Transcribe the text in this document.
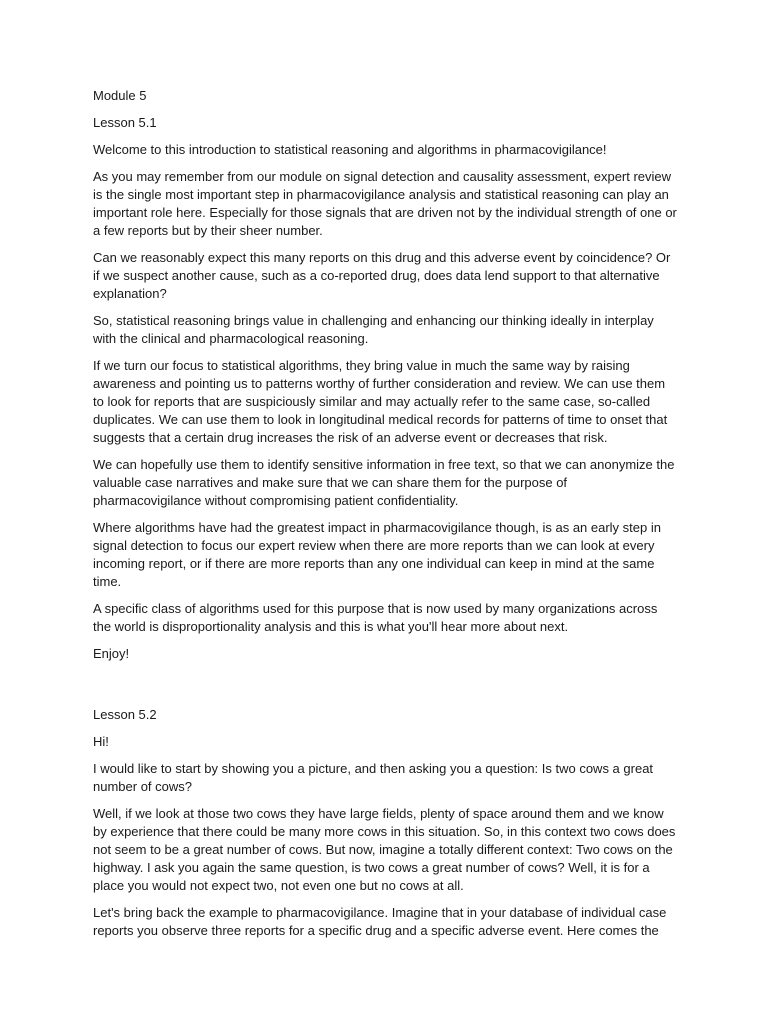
Module 5

Lesson 5.1

Welcome to this introduction to statistical reasoning and algorithms in pharmacovigilance!

As you may remember from our module on signal detection and causality assessment, expert review is the single most important step in pharmacovigilance analysis and statistical reasoning can play an important role here. Especially for those signals that are driven not by the individual strength of one or a few reports but by their sheer number.

Can we reasonably expect this many reports on this drug and this adverse event by coincidence? Or if we suspect another cause, such as a co-reported drug, does data lend support to that alternative explanation?

So, statistical reasoning brings value in challenging and enhancing our thinking ideally in interplay with the clinical and pharmacological reasoning.

If we turn our focus to statistical algorithms, they bring value in much the same way by raising awareness and pointing us to patterns worthy of further consideration and review. We can use them to look for reports that are suspiciously similar and may actually refer to the same case, so-called duplicates. We can use them to look in longitudinal medical records for patterns of time to onset that suggests that a certain drug increases the risk of an adverse event or decreases that risk.

We can hopefully use them to identify sensitive information in free text, so that we can anonymize the valuable case narratives and make sure that we can share them for the purpose of pharmacovigilance without compromising patient confidentiality.

Where algorithms have had the greatest impact in pharmacovigilance though, is as an early step in signal detection to focus our expert review when there are more reports than we can look at every incoming report, or if there are more reports than any one individual can keep in mind at the same time.

A specific class of algorithms used for this purpose that is now used by many organizations across the world is disproportionality analysis and this is what you'll hear more about next.

Enjoy!

Lesson 5.2

Hi!

I would like to start by showing you a picture, and then asking you a question: Is two cows a great number of cows?

Well, if we look at those two cows they have large fields, plenty of space around them and we know by experience that there could be many more cows in this situation. So, in this context two cows does not seem to be a great number of cows. But now, imagine a totally different context: Two cows on the highway. I ask you again the same question, is two cows a great number of cows? Well, it is for a place you would not expect two, not even one but no cows at all.

Let's bring back the example to pharmacovigilance. Imagine that in your database of individual case reports you observe three reports for a specific drug and a specific adverse event. Here comes the
